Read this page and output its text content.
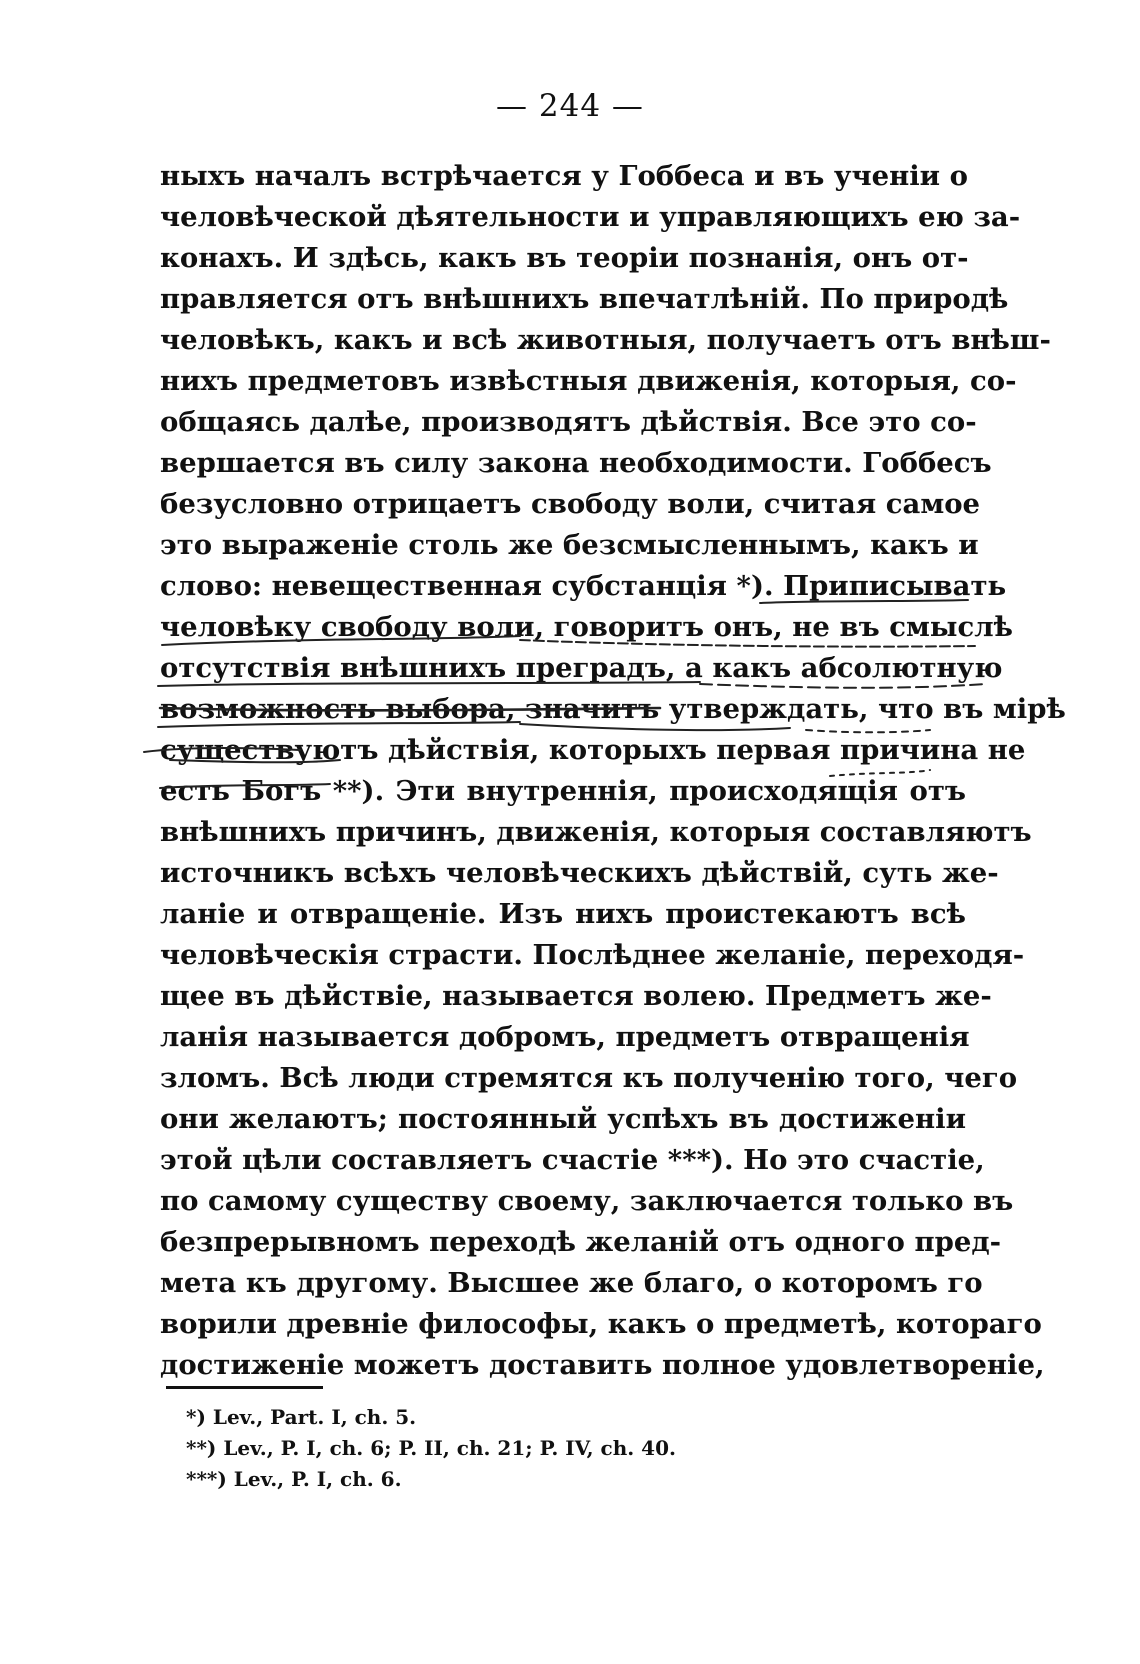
— 244 —
ныхъ началъ встрѣчается у Гоббеса и въ ученіи о
человѣческой дѣятельности и управляющихъ ею за-
конахъ. И здѣсь, какъ въ теоріи познанія, онъ от-
правляется отъ внѣшнихъ впечатлѣній. По природѣ
человѣкъ, какъ и всѣ животныя, получаетъ отъ внѣш-
нихъ предметовъ извѣстныя движенія, которыя, со-
общаясь далѣе, производятъ дѣйствія. Все это со-
вершается въ силу закона необходимости. Гоббесъ
безусловно отрицаетъ свободу воли, считая самое
это выраженіе столь же безсмысленнымъ, какъ и
слово: невещественная субстанція *). Приписывать
человѣку свободу воли, говоритъ онъ, не въ смыслѣ
отсутствія внѣшнихъ преградъ, а какъ абсолютную
возможность выбора, значитъ утверждать, что въ мірѣ
существуютъ дѣйствія, которыхъ первая причина не
есть Богъ **). Эти внутреннія, происходящія отъ
внѣшнихъ причинъ, движенія, которыя составляютъ
источникъ всѣхъ человѣческихъ дѣйствій, суть же-
ланіе и отвращеніе. Изъ нихъ проистекаютъ всѣ
человѣческія страсти. Послѣднее желаніе, переходя-
щее въ дѣйствіе, называется волею. Предметъ же-
ланія называется добромъ, предметъ отвращенія
зломъ. Всѣ люди стремятся къ полученію того, чего
они желаютъ; постоянный успѣхъ въ достиженіи
этой цѣли составляетъ счастіе ***). Но это счастіе,
по самому существу своему, заключается только въ
безпрерывномъ переходѣ желаній отъ одного пред-
мета къ другому. Высшее же благо, о которомъ го
ворили древніе философы, какъ о предметѣ, котораго
достиженіе можетъ доставить полное удовлетвореніе,
*) Lev., Part. I, ch. 5.
**) Lev., P. I, ch. 6; P. II, ch. 21; P. IV, ch. 40.
***) Lev., P. I, ch. 6.
